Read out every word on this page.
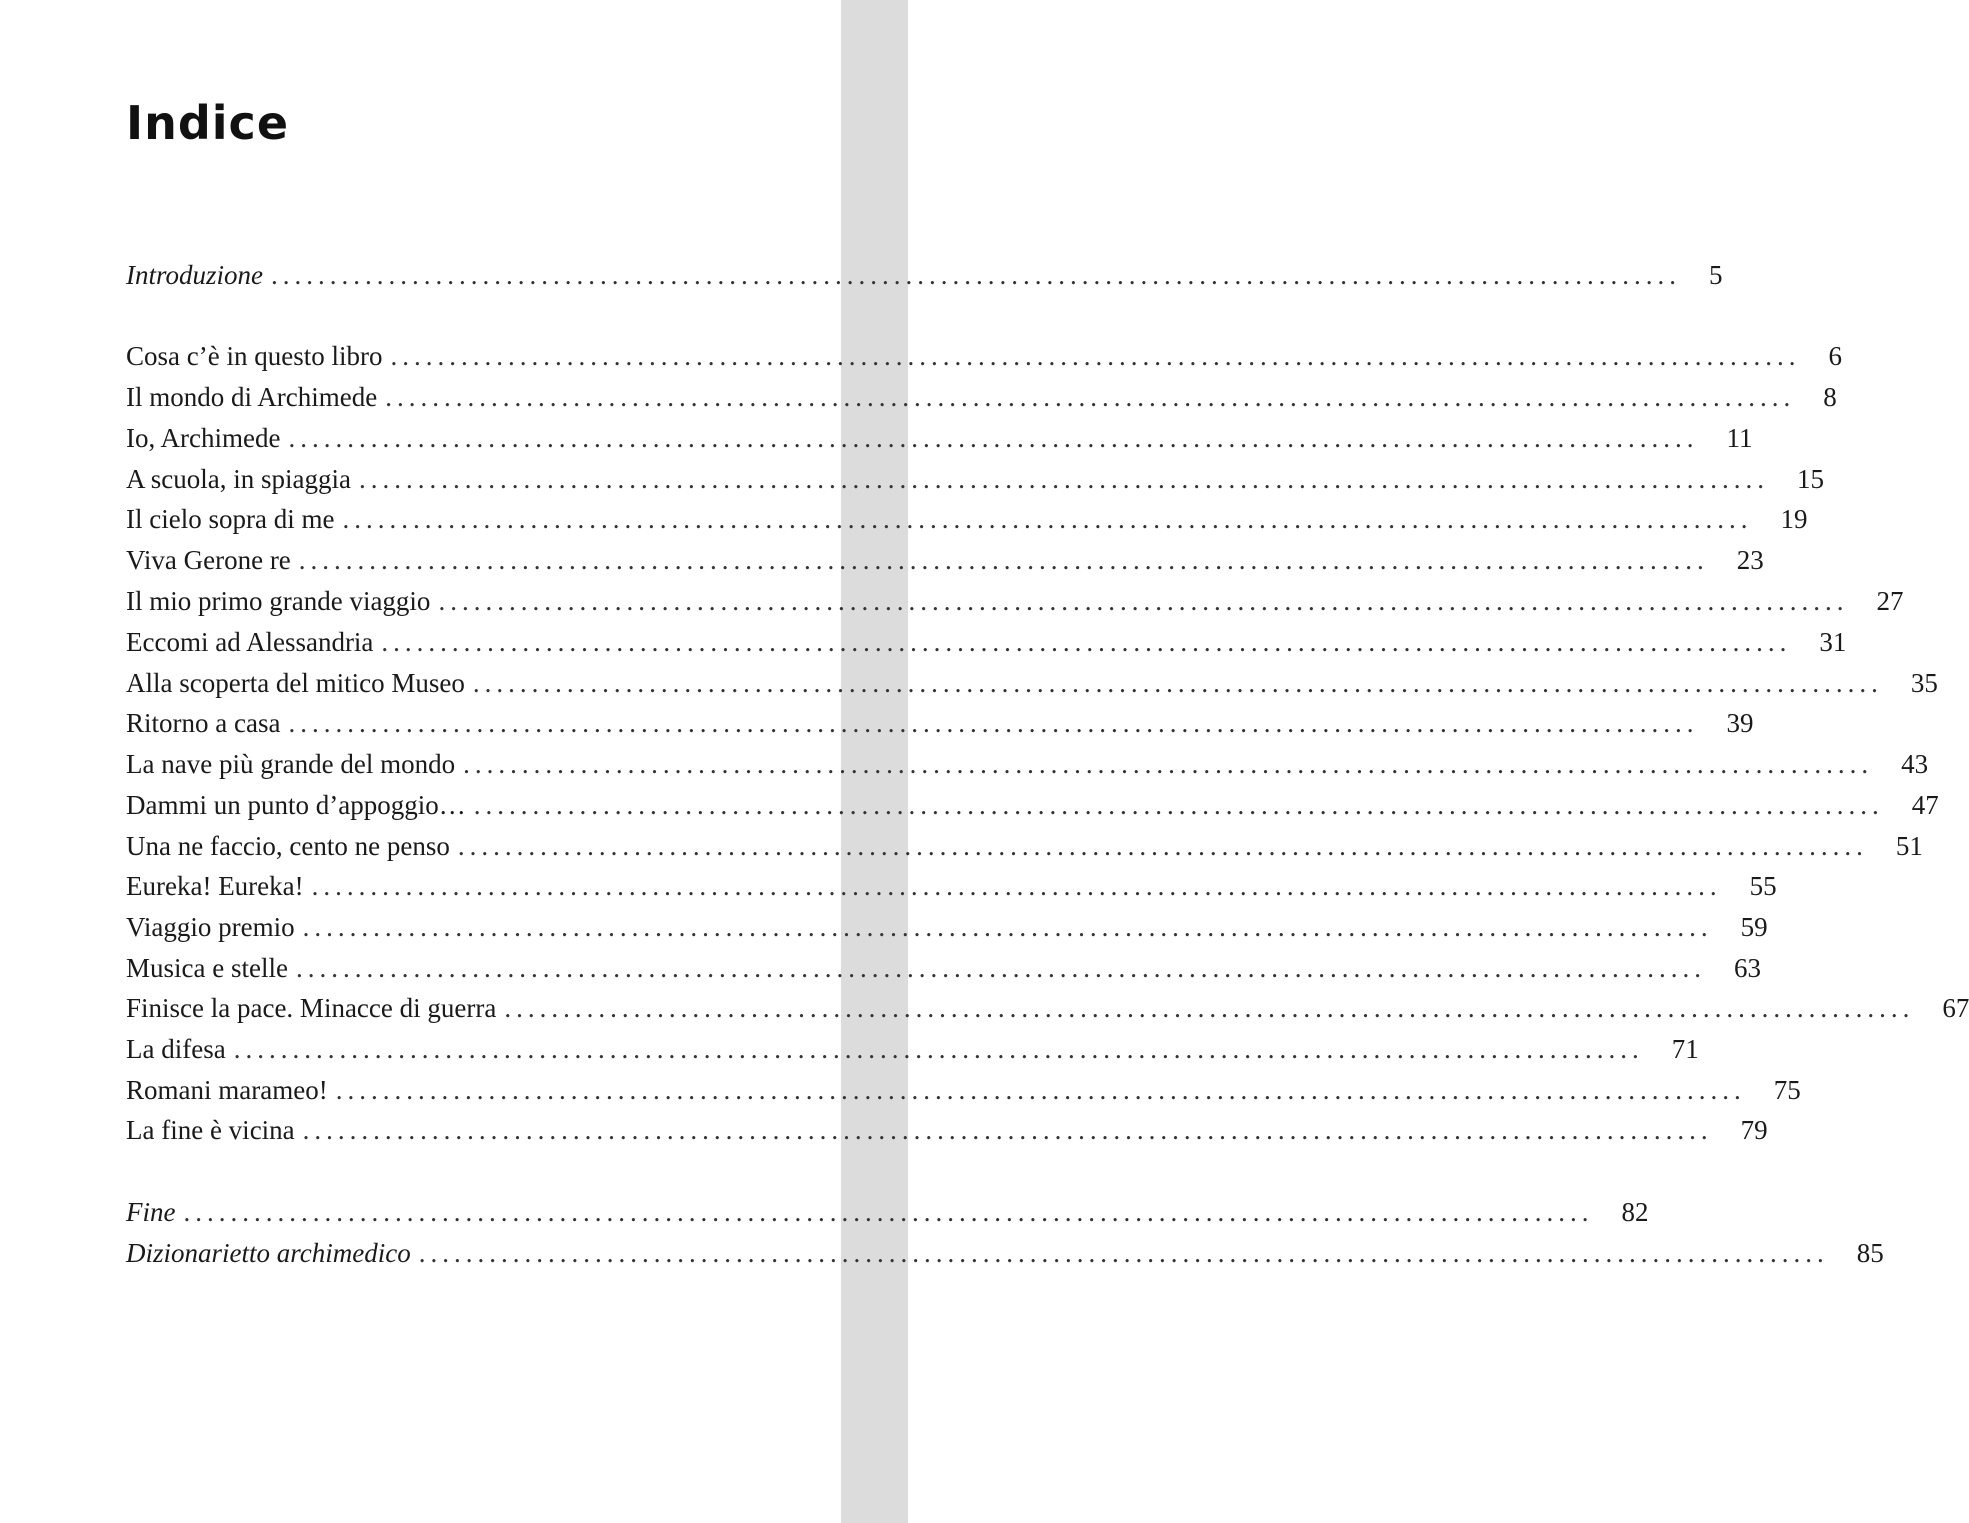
Indice
Introduzione ........................................................................................................................ 5
Cosa c’è in questo libro ........................................................................................................................ 6
Il mondo di Archimede ........................................................................................................................ 8
Io, Archimede ........................................................................................................................ 11
A scuola, in spiaggia ........................................................................................................................ 15
Il cielo sopra di me ........................................................................................................................ 19
Viva Gerone re ........................................................................................................................ 23
Il mio primo grande viaggio ........................................................................................................................ 27
Eccomi ad Alessandria ........................................................................................................................ 31
Alla scoperta del mitico Museo ........................................................................................................................ 35
Ritorno a casa ........................................................................................................................ 39
La nave più grande del mondo ........................................................................................................................ 43
Dammi un punto d’appoggio… ........................................................................................................................ 47
Una ne faccio, cento ne penso ........................................................................................................................ 51
Eureka! Eureka! ........................................................................................................................ 55
Viaggio premio ........................................................................................................................ 59
Musica e stelle ........................................................................................................................ 63
Finisce la pace. Minacce di guerra ........................................................................................................................ 67
La difesa ........................................................................................................................ 71
Romani marameo! ........................................................................................................................ 75
La fine è vicina ........................................................................................................................ 79
Fine ........................................................................................................................ 82
Dizionarietto archimedico ........................................................................................................................ 85
